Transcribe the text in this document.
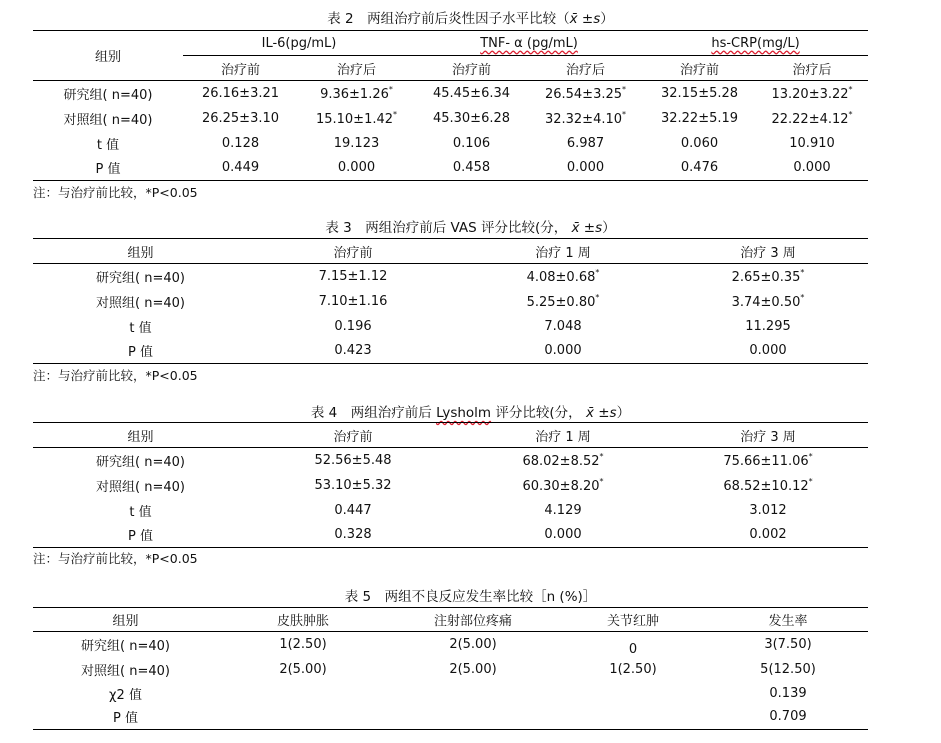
表 2　两组治疗前后炎性因子水平比较（x̄ ±s）
组别	IL-6(pg/mL)		TNF- α (pg/mL)		hs-CRP(mg/L)	
	治疗前	治疗后	治疗前	治疗后	治疗前	治疗后
研究组( n=40)	26.16±3.21	9.36±1.26*	45.45±6.34	26.54±3.25*	32.15±5.28	13.20±3.22*
对照组( n=40)	26.25±3.10	15.10±1.42*	45.30±6.28	32.32±4.10*	32.22±5.19	22.22±4.12*
t 值	0.128	19.123	0.106	6.987	0.060	10.910
P 值	0.449	0.000	0.458	0.000	0.476	0.000
注：与治疗前比较，*P<0.05
表 3　两组治疗前后 VAS 评分比较(分， x̄ ±s）
组别	治疗前	治疗 1 周	治疗 3 周
研究组( n=40)	7.15±1.12	4.08±0.68*	2.65±0.35*
对照组( n=40)	7.10±1.16	5.25±0.80*	3.74±0.50*
t 值	0.196	7.048	11.295
P 值	0.423	0.000	0.000
注：与治疗前比较，*P<0.05
表 4　两组治疗前后 Lysholm 评分比较(分， x̄ ±s）
组别	治疗前	治疗 1 周	治疗 3 周
研究组( n=40)	52.56±5.48	68.02±8.52*	75.66±11.06*
对照组( n=40)	53.10±5.32	60.30±8.20*	68.52±10.12*
t 值	0.447	4.129	3.012
P 值	0.328	0.000	0.002
注：与治疗前比较，*P<0.05
表 5　两组不良反应发生率比较［n (%)］
组别	皮肤肿胀	注射部位疼痛	关节红肿	发生率
研究组( n=40)	1(2.50)	2(5.00)	0	3(7.50)
对照组( n=40)	2(5.00)	2(5.00)	1(2.50)	5(12.50)
χ2 值				0.139
P 值				0.709
